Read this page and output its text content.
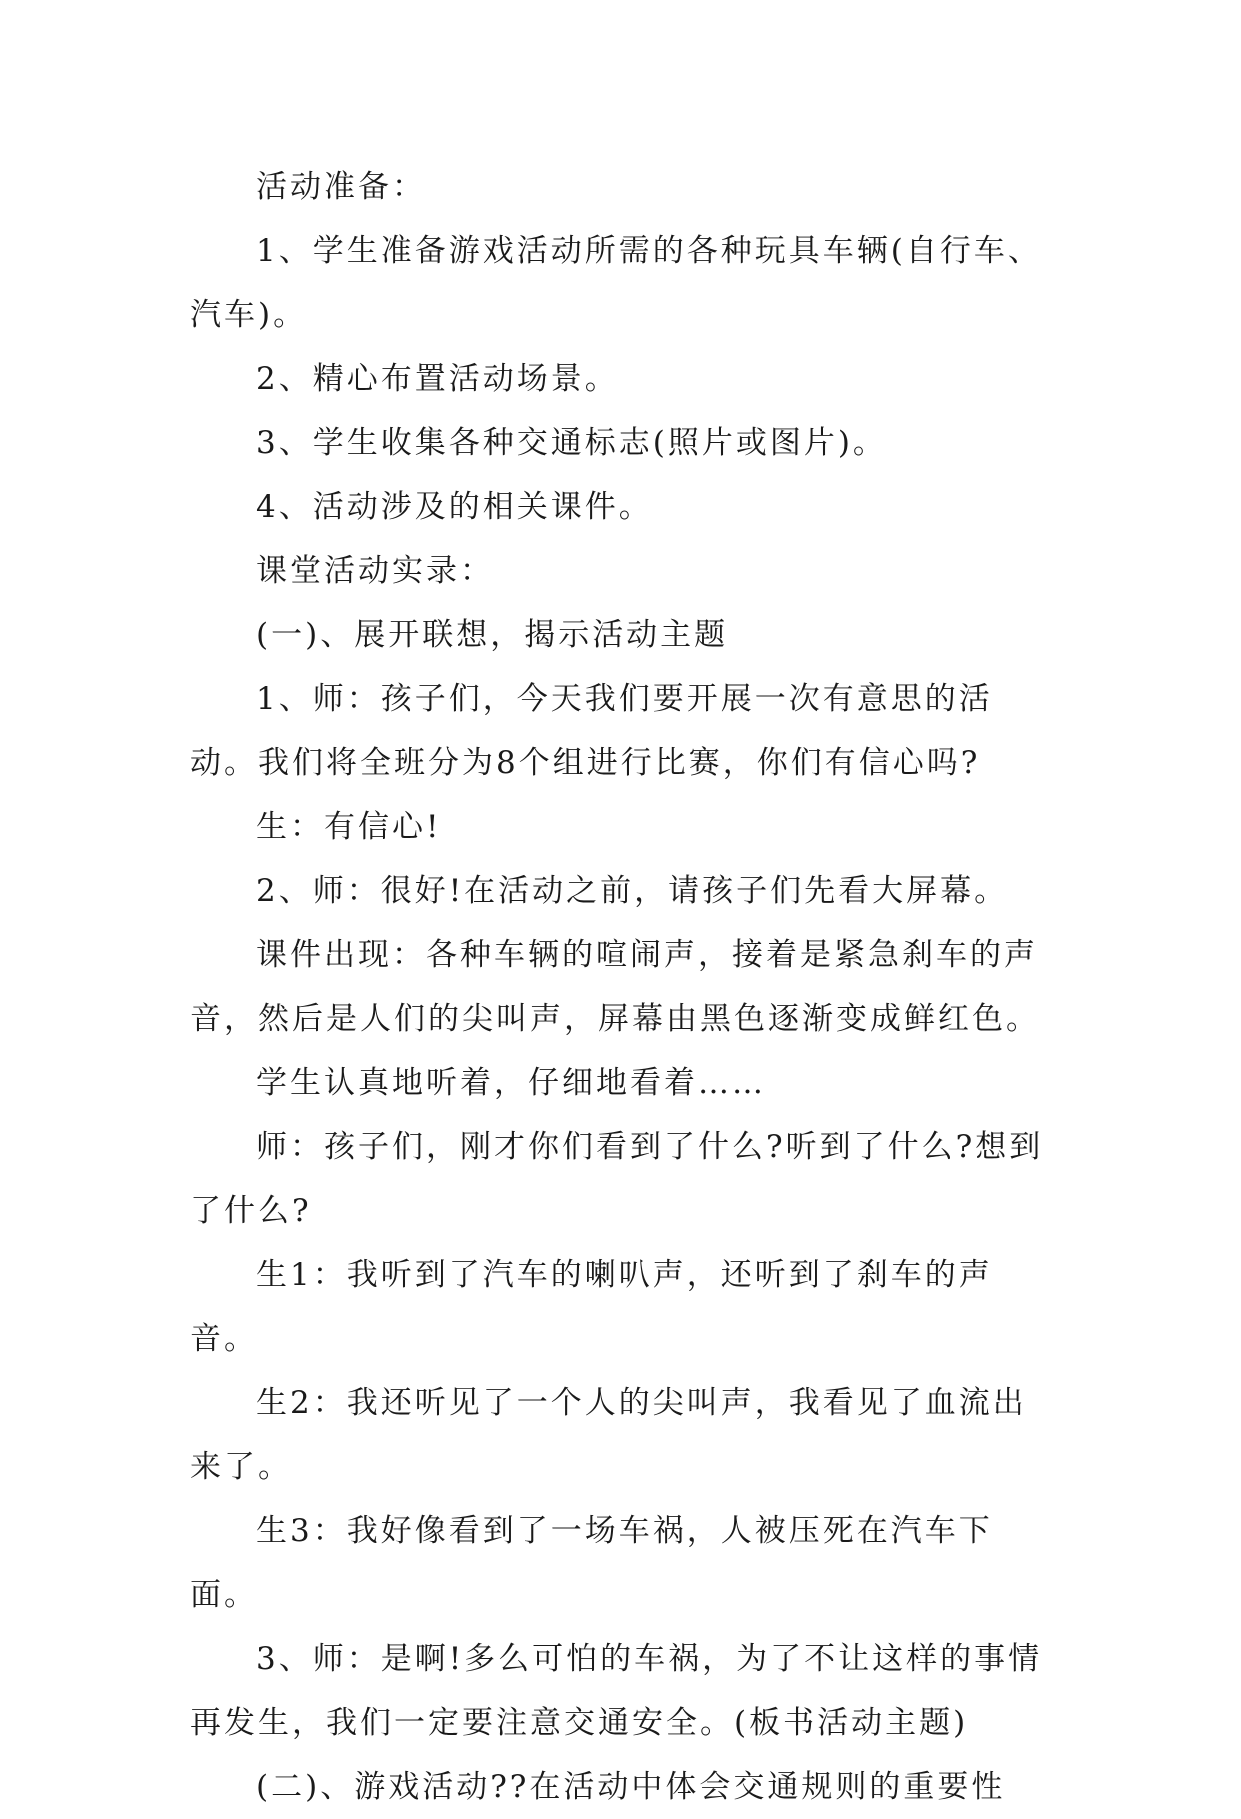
活动准备：

1、学生准备游戏活动所需的各种玩具车辆(自行车、汽车)。

2、精心布置活动场景。

3、学生收集各种交通标志(照片或图片)。

4、活动涉及的相关课件。

课堂活动实录：

(一)、展开联想，揭示活动主题

1、师：孩子们，今天我们要开展一次有意思的活动。我们将全班分为8个组进行比赛，你们有信心吗?

生：有信心!

2、师：很好!在活动之前，请孩子们先看大屏幕。

课件出现：各种车辆的喧闹声，接着是紧急刹车的声音，然后是人们的尖叫声，屏幕由黑色逐渐变成鲜红色。

学生认真地听着，仔细地看着……

师：孩子们，刚才你们看到了什么?听到了什么?想到了什么?

生1：我听到了汽车的喇叭声，还听到了刹车的声音。

生2：我还听见了一个人的尖叫声，我看见了血流出来了。

生3：我好像看到了一场车祸，人被压死在汽车下面。

3、师：是啊!多么可怕的车祸，为了不让这样的事情再发生，我们一定要注意交通安全。(板书活动主题)

(二)、游戏活动??在活动中体会交通规则的重要性
